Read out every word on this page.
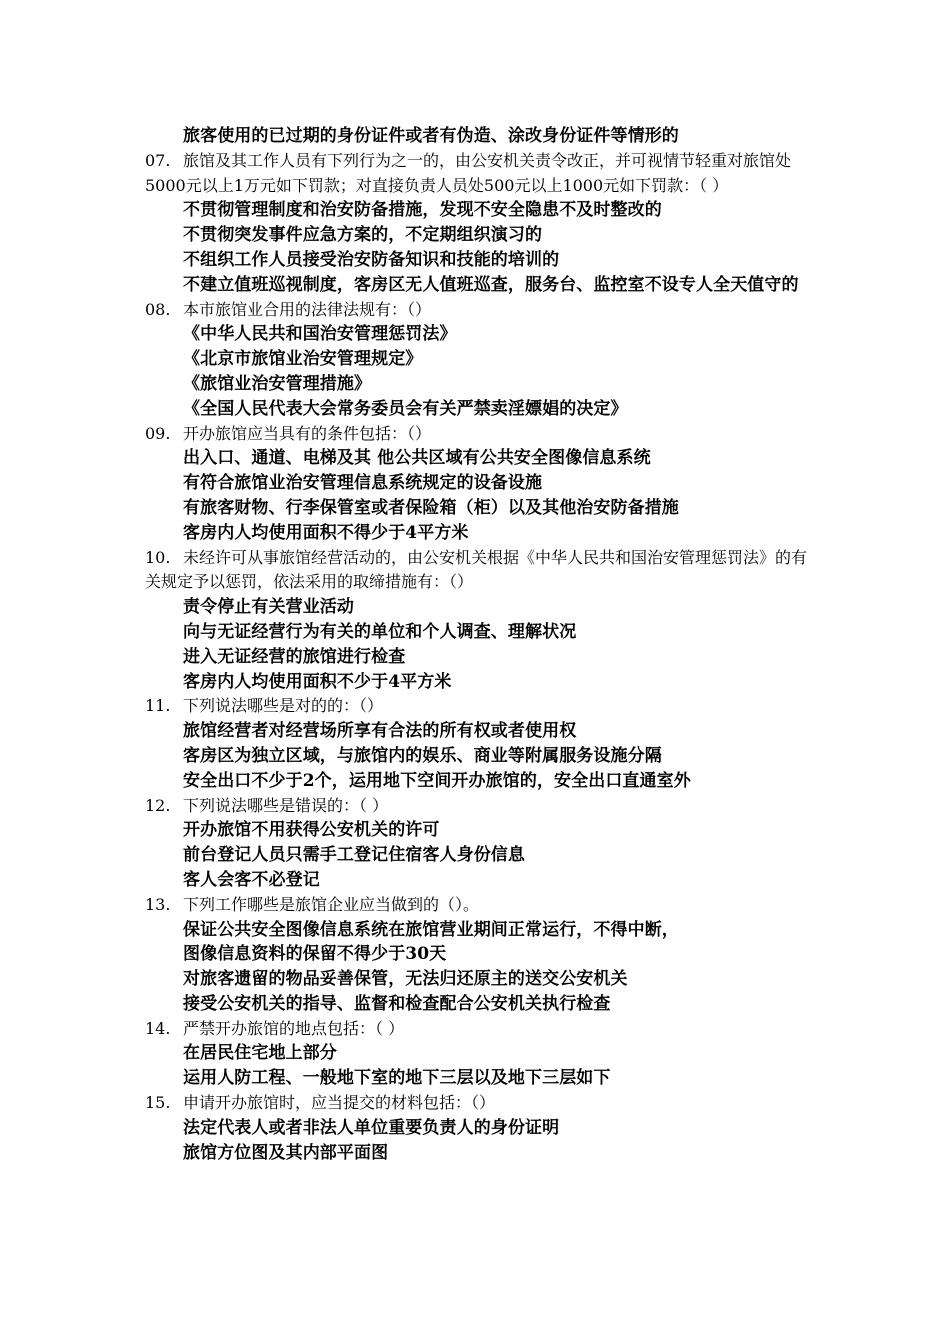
旅客使用的已过期的身份证件或者有伪造、涂改身份证件等情形的
07. 旅馆及其工作人员有下列行为之一的，由公安机关责令改正，并可视情节轻重对旅馆处5000元以上1万元如下罚款；对直接负责人员处500元以上1000元如下罚款：（ ）
不贯彻管理制度和治安防备措施，发现不安全隐患不及时整改的
不贯彻突发事件应急方案的，不定期组织演习的
不组织工作人员接受治安防备知识和技能的培训的
不建立值班巡视制度，客房区无人值班巡查，服务台、监控室不设专人全天值守的
08. 本市旅馆业合用的法律法规有：（）
《中华人民共和国治安管理惩罚法》
《北京市旅馆业治安管理规定》
《旅馆业治安管理措施》
《全国人民代表大会常务委员会有关严禁卖淫嫖娼的决定》
09. 开办旅馆应当具有的条件包括：（）
出入口、通道、电梯及其 他公共区域有公共安全图像信息系统
有符合旅馆业治安管理信息系统规定的设备设施
有旅客财物、行李保管室或者保险箱（柜）以及其他治安防备措施
客房内人均使用面积不得少于4平方米
10. 未经许可从事旅馆经营活动的，由公安机关根据《中华人民共和国治安管理惩罚法》的有关规定予以惩罚，依法采用的取缔措施有：（）
责令停止有关营业活动
向与无证经营行为有关的单位和个人调查、理解状况
进入无证经营的旅馆进行检查
客房内人均使用面积不少于4平方米
11. 下列说法哪些是对的的：（）
旅馆经营者对经营场所享有合法的所有权或者使用权
客房区为独立区域，与旅馆内的娱乐、商业等附属服务设施分隔
安全出口不少于2个，运用地下空间开办旅馆的，安全出口直通室外
12. 下列说法哪些是错误的：（ ）
开办旅馆不用获得公安机关的许可
前台登记人员只需手工登记住宿客人身份信息
客人会客不必登记
13. 下列工作哪些是旅馆企业应当做到的（）。
保证公共安全图像信息系统在旅馆营业期间正常运行，不得中断，
图像信息资料的保留不得少于30天
对旅客遗留的物品妥善保管，无法归还原主的送交公安机关
接受公安机关的指导、监督和检查配合公安机关执行检查
14. 严禁开办旅馆的地点包括：（ ）
在居民住宅地上部分
运用人防工程、一般地下室的地下三层以及地下三层如下
15. 申请开办旅馆时，应当提交的材料包括：（）
法定代表人或者非法人单位重要负责人的身份证明
旅馆方位图及其内部平面图
